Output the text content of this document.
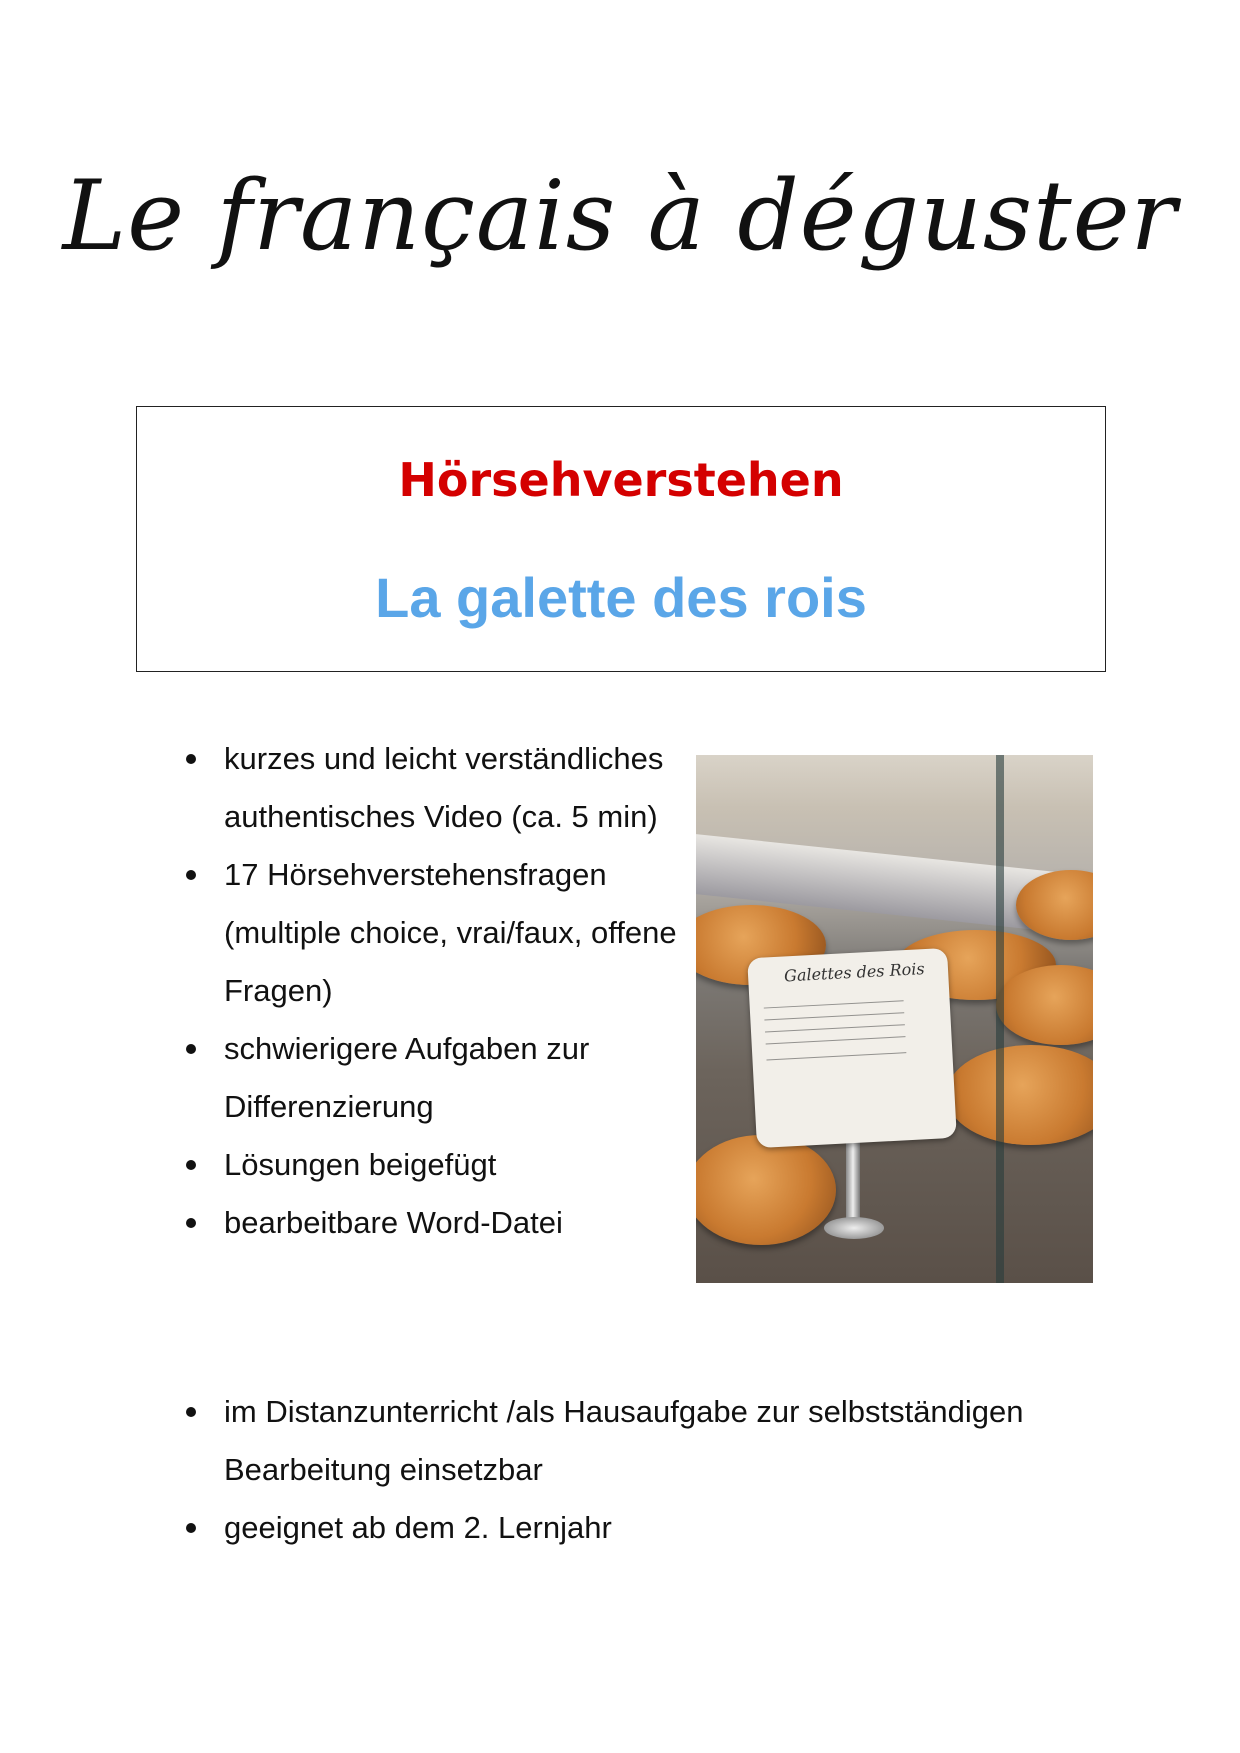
Le français à déguster
Hörsehverstehen
La galette des rois
kurzes und leicht verständliches authentisches Video (ca. 5 min)
17 Hörsehverstehensfragen (multiple choice, vrai/faux, offene Fragen)
schwierigere Aufgaben zur Differenzierung
Lösungen beigefügt
bearbeitbare Word-Datei
Galettes des Rois
im Distanzunterricht /als Hausaufgabe zur selbstständigen Bearbeitung einsetzbar
geeignet ab dem 2. Lernjahr
